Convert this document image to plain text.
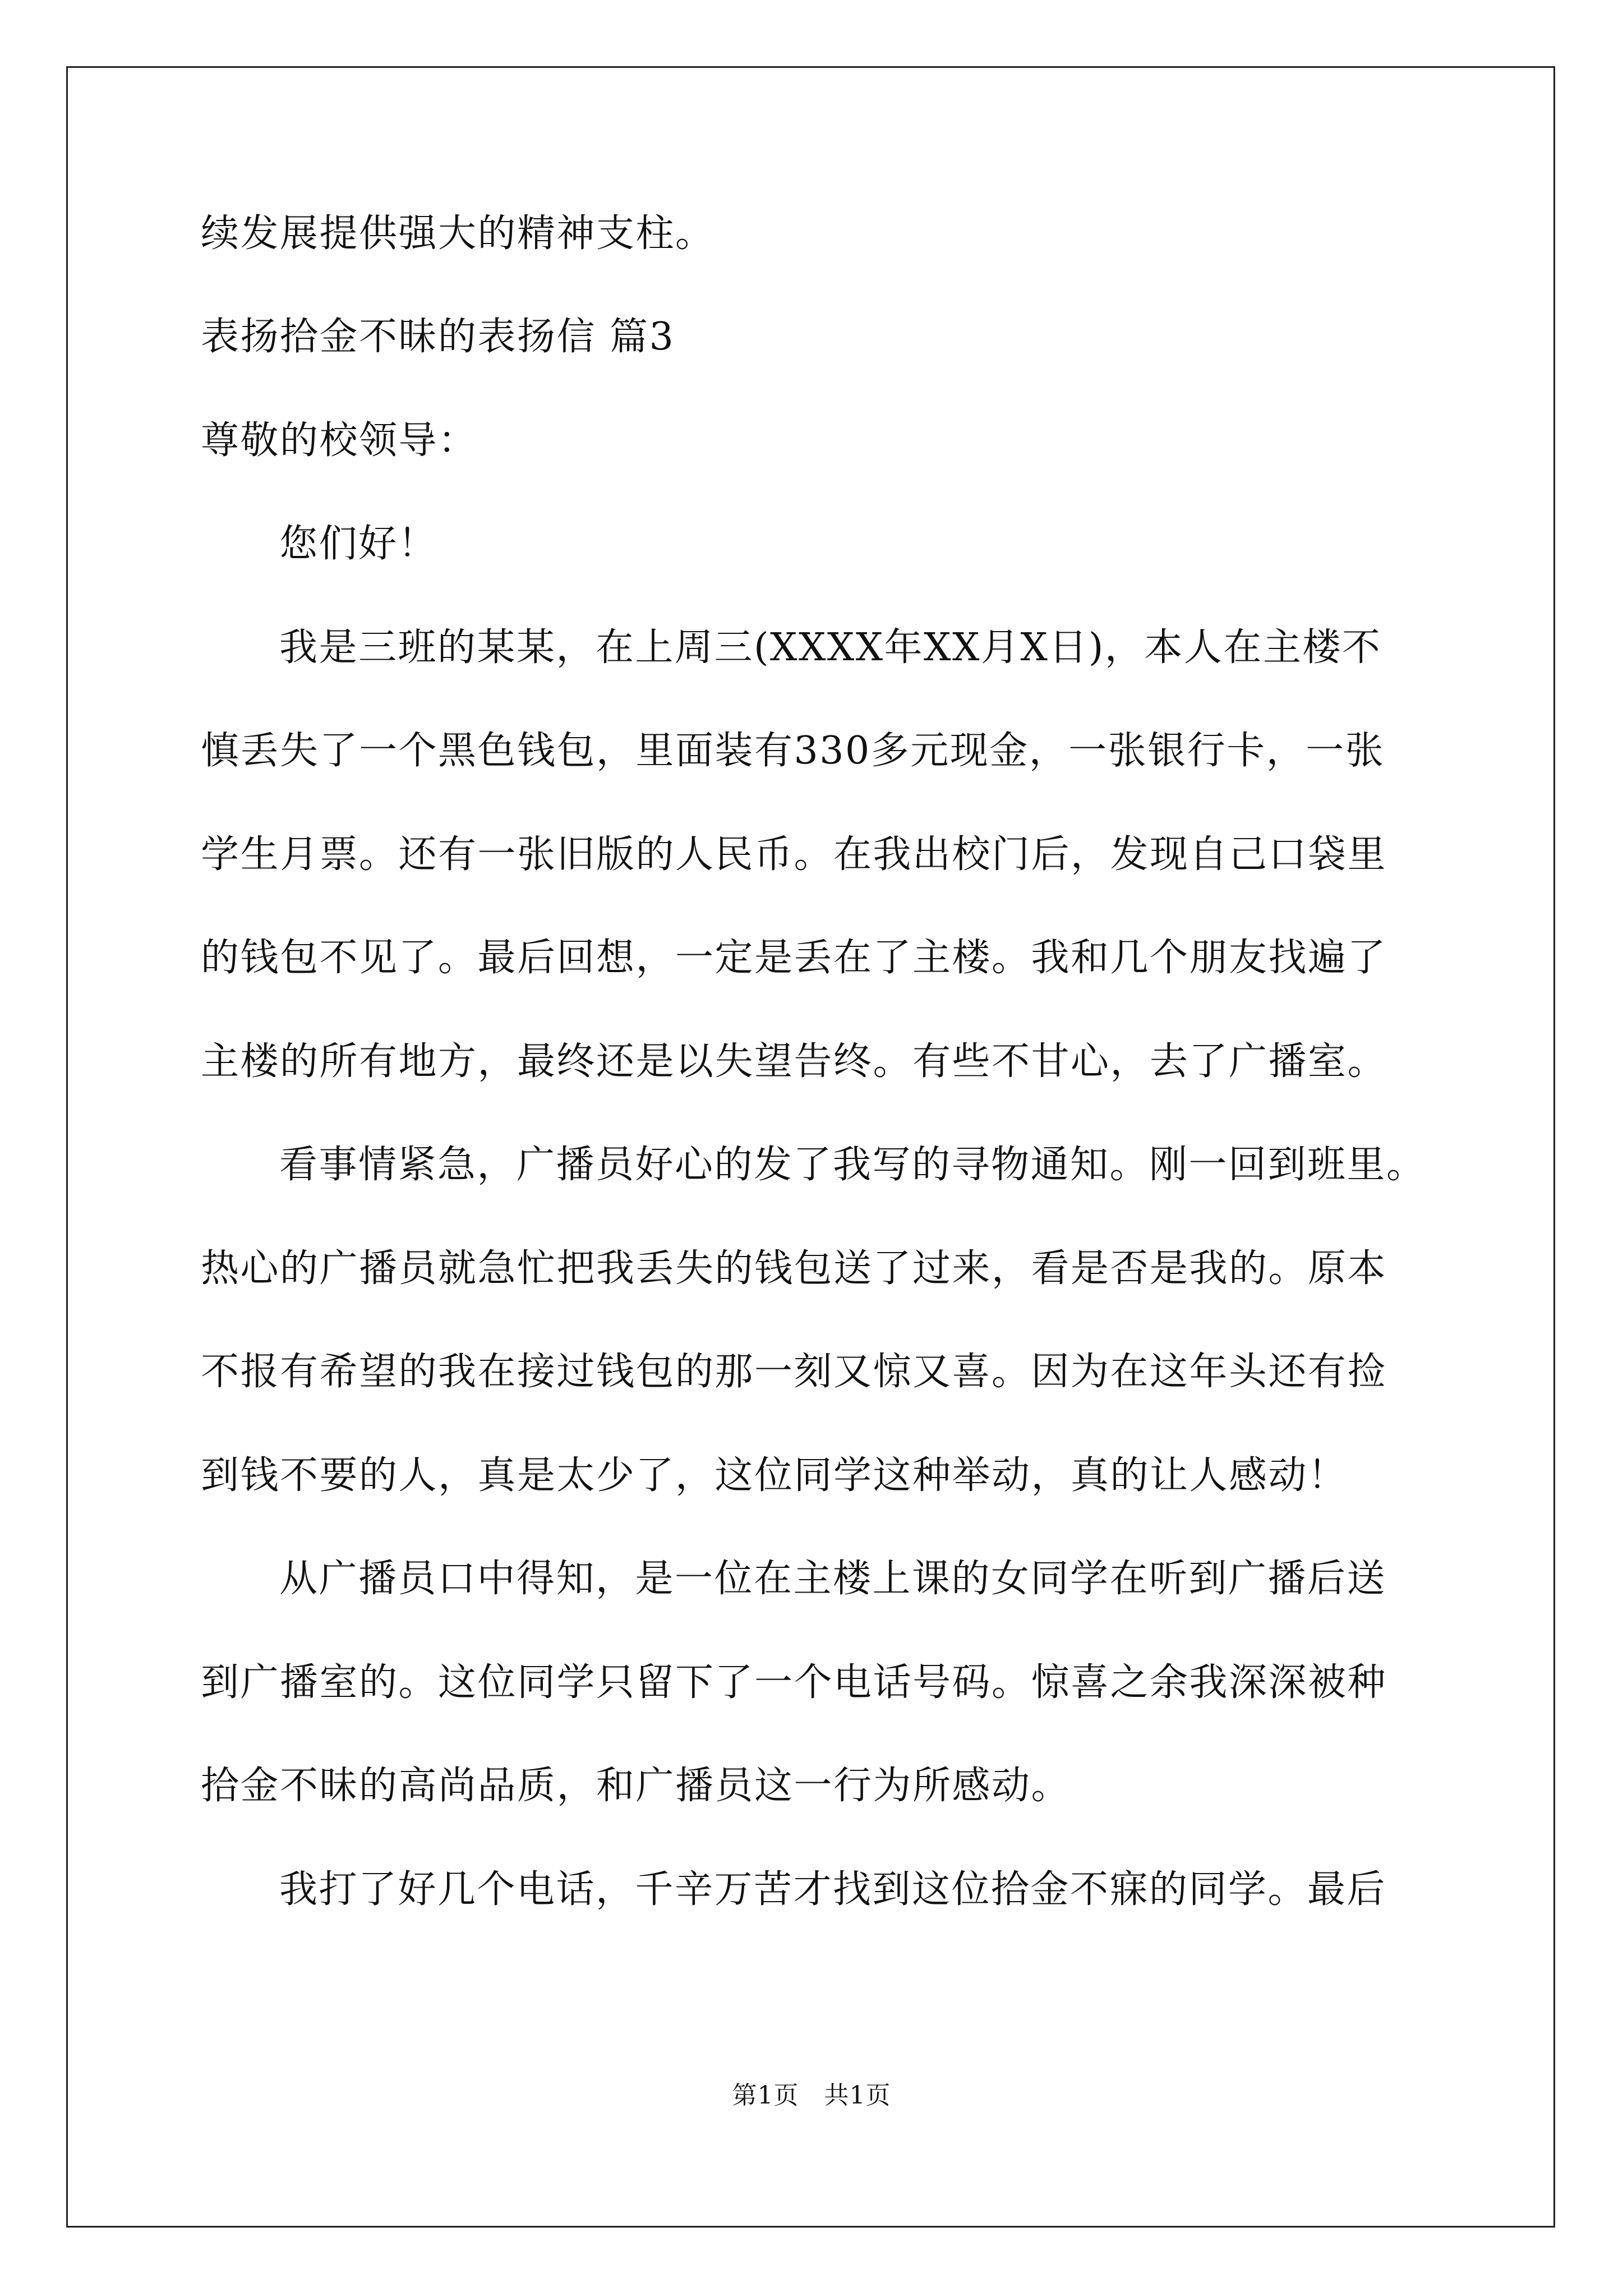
续发展提供强大的精神支柱。
表扬拾金不昧的表扬信 篇3
尊敬的校领导：
您们好！
我是三班的某某，在上周三(XXXX年XX月X日)，本人在主楼不
慎丢失了一个黑色钱包，里面装有330多元现金，一张银行卡，一张
学生月票。还有一张旧版的人民币。在我出校门后，发现自己口袋里
的钱包不见了。最后回想，一定是丢在了主楼。我和几个朋友找遍了
主楼的所有地方，最终还是以失望告终。有些不甘心，去了广播室。
看事情紧急，广播员好心的发了我写的寻物通知。刚一回到班里。
热心的广播员就急忙把我丢失的钱包送了过来，看是否是我的。原本
不报有希望的我在接过钱包的那一刻又惊又喜。因为在这年头还有捡
到钱不要的人，真是太少了，这位同学这种举动，真的让人感动！
从广播员口中得知，是一位在主楼上课的女同学在听到广播后送
到广播室的。这位同学只留下了一个电话号码。惊喜之余我深深被种
拾金不昧的高尚品质，和广播员这一行为所感动。
我打了好几个电话，千辛万苦才找到这位拾金不寐的同学。最后
第1页　共1页
